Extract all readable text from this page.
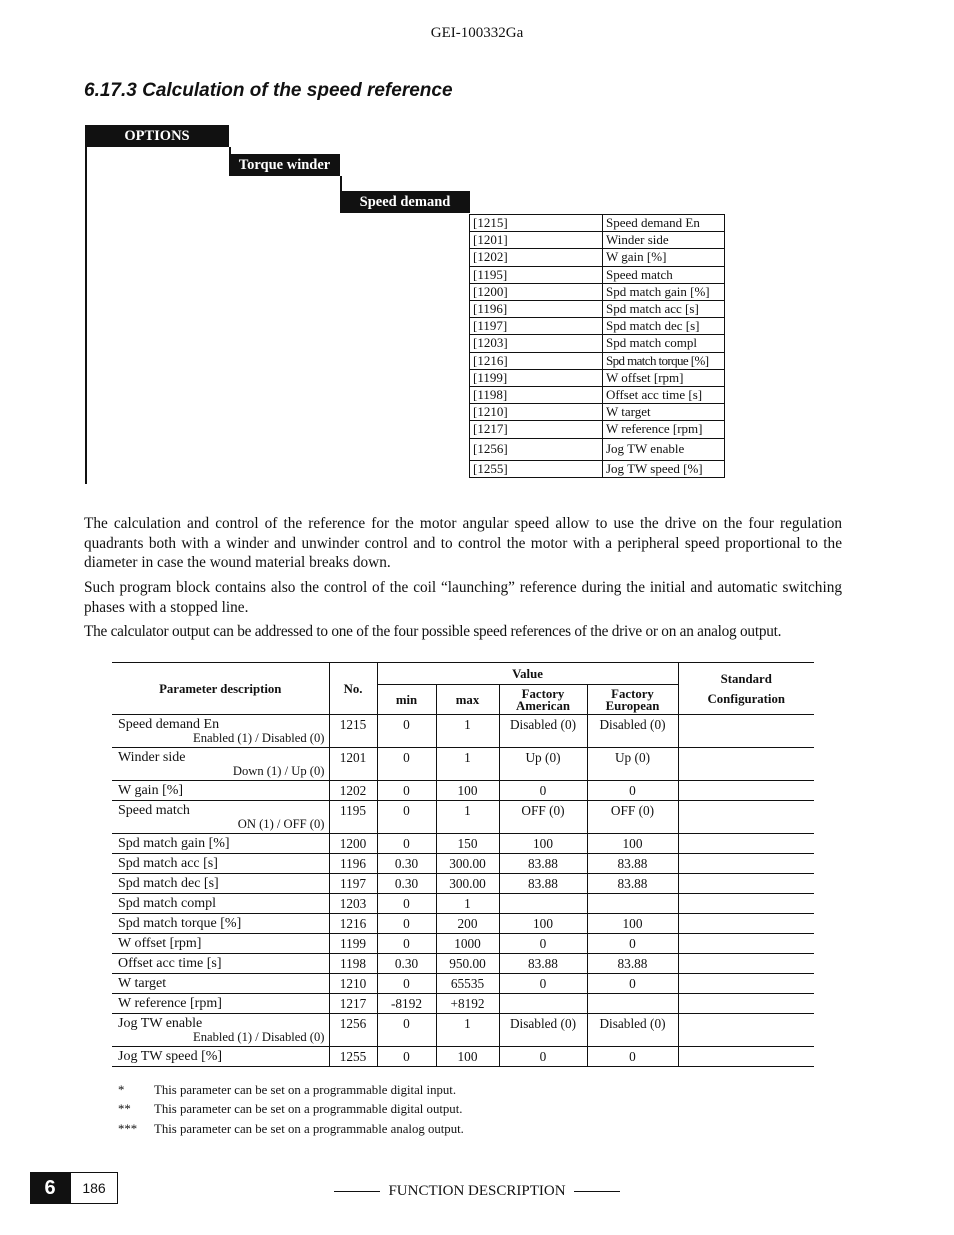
GEI-100332Ga
6.17.3 Calculation of the speed reference
OPTIONS
Torque winder
Speed demand
[1215]	Speed demand En
[1201]	Winder side
[1202]	W gain [%]
[1195]	Speed match
[1200]	Spd match gain [%]
[1196]	Spd match acc [s]
[1197]	Spd match dec [s]
[1203]	Spd match compl
[1216]	Spd match torque [%]
[1199]	W offset [rpm]
[1198]	Offset acc time [s]
[1210]	W target
[1217]	W reference [rpm]
[1256]	Jog TW enable
[1255]	Jog TW speed [%]
The calculation and control of the reference for the motor angular speed allow to use the drive on the four regulation quadrants both with a winder and unwinder control and to control the motor with a peripheral speed proportional to the diameter in case the wound material breaks down.
Such program block contains also the control of the coil “launching” reference during the initial and automatic switching phases with a stopped line.
The calculator output can be addressed to one of the four possible speed references of the drive or on an analog output.
Parameter description	No.	Value				Standard Configuration
		min	max	Factory American	Factory European	

Speed demand En
Enabled (1) / Disabled (0)	1215	0	1	Disabled (0)	Disabled (0)	

Winder side
Down (1) / Up (0)	1201	0	1	Up (0)	Up (0)	

W gain [%]	1202	0	100	0	0	

Speed match
ON (1) / OFF (0)	1195	0	1	OFF (0)	OFF (0)	

Spd match gain [%]	1200	0	150	100	100	

Spd match acc [s]	1196	0.30	300.00	83.88	83.88	

Spd match dec [s]	1197	0.30	300.00	83.88	83.88	

Spd match compl	1203	0	1			

Spd match torque [%]	1216	0	200	100	100	

W offset [rpm]	1199	0	1000	0	0	

Offset acc time [s]	1198	0.30	950.00	83.88	83.88	

W target	1210	0	65535	0	0	

W reference [rpm]	1217	-8192	+8192			

Jog TW enable
Enabled (1) / Disabled (0)	1256	0	1	Disabled (0)	Disabled (0)	

Jog TW speed [%]	1255	0	100	0	0	
* This parameter can be set on a programmable digital input.
** This parameter can be set on a programmable digital output.
*** This parameter can be set on a programmable analog output.
6	186	FUNCTION DESCRIPTION
